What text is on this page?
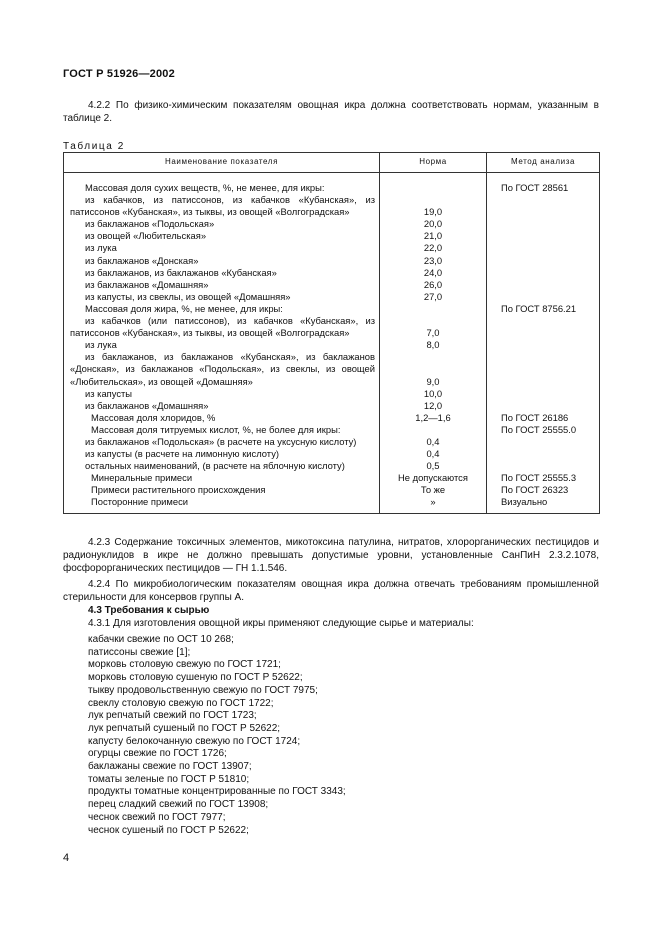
ГОСТ Р 51926—2002
4.2.2 По физико-химическим показателям овощная икра должна соответствовать нормам, указанным в таблице 2.
Таблица 2
Наименование показателя	Норма	Метод анализа

Массовая доля сухих веществ, %, не менее, для икры:		По ГОСТ 28561

из кабачков, из патиссонов, из кабачков «Кубанская», из патиссонов «Кубанская», из тыквы, из овощей «Волгоградская»	19,0	

из баклажанов «Подольская»	20,0	

из овощей «Любительская»	21,0	

из лука	22,0	

из баклажанов «Донская»	23,0	

из баклажанов, из баклажанов «Кубанская»	24,0	

из баклажанов «Домашняя»	26,0	

из капусты, из свеклы, из овощей «Домашняя»	27,0	

Массовая доля жира, %, не менее, для икры:		По ГОСТ 8756.21

из кабачков (или патиссонов), из кабачков «Кубанская», из патиссонов «Кубанская», из тыквы, из овощей «Волгоградская»	7,0	

из лука	8,0	

из баклажанов, из баклажанов «Кубанская», из баклажанов «Донская», из баклажанов «Подольская», из свеклы, из овощей «Любительская», из овощей «Домашняя»	9,0	

из капусты	10,0	

из баклажанов «Домашняя»	12,0	

Массовая доля хлоридов, %	1,2—1,6	По ГОСТ 26186

Массовая доля титруемых кислот, %, не более для икры:		По ГОСТ 25555.0

из баклажанов «Подольская» (в расчете на уксусную кислоту)	0,4	

из капусты (в расчете на лимонную кислоту)	0,4	

остальных наименований, (в расчете на яблочную кислоту)	0,5	

Минеральные примеси	Не допускаются	По ГОСТ 25555.3

Примеси растительного происхождения	То же	По ГОСТ 26323

Посторонние примеси	»	Визуально

4.2.3 Содержание токсичных элементов, микотоксина патулина, нитратов, хлорорганических пестицидов и радионуклидов в икре не должно превышать допустимые уровни, установленные СанПиН 2.3.2.1078, фосфорорганических пестицидов — ГН 1.1.546.
4.2.4 По микробиологическим показателям овощная икра должна отвечать требованиям промышленной стерильности для консервов группы А.
4.3 Требования к сырью
4.3.1 Для изготовления овощной икры применяют следующие сырье и материалы:
кабачки свежие по ОСТ 10 268;
патиссоны свежие [1];
морковь столовую свежую по ГОСТ 1721;
морковь столовую сушеную по ГОСТ Р 52622;
тыкву продовольственную свежую по ГОСТ 7975;
свеклу столовую свежую по ГОСТ 1722;
лук репчатый свежий по ГОСТ 1723;
лук репчатый сушеный по ГОСТ Р 52622;
капусту белокочанную свежую по ГОСТ 1724;
огурцы свежие по ГОСТ 1726;
баклажаны свежие по ГОСТ 13907;
томаты зеленые по ГОСТ Р 51810;
продукты томатные концентрированные по ГОСТ 3343;
перец сладкий свежий по ГОСТ 13908;
чеснок свежий по ГОСТ 7977;
чеснок сушеный по ГОСТ Р 52622;
4
